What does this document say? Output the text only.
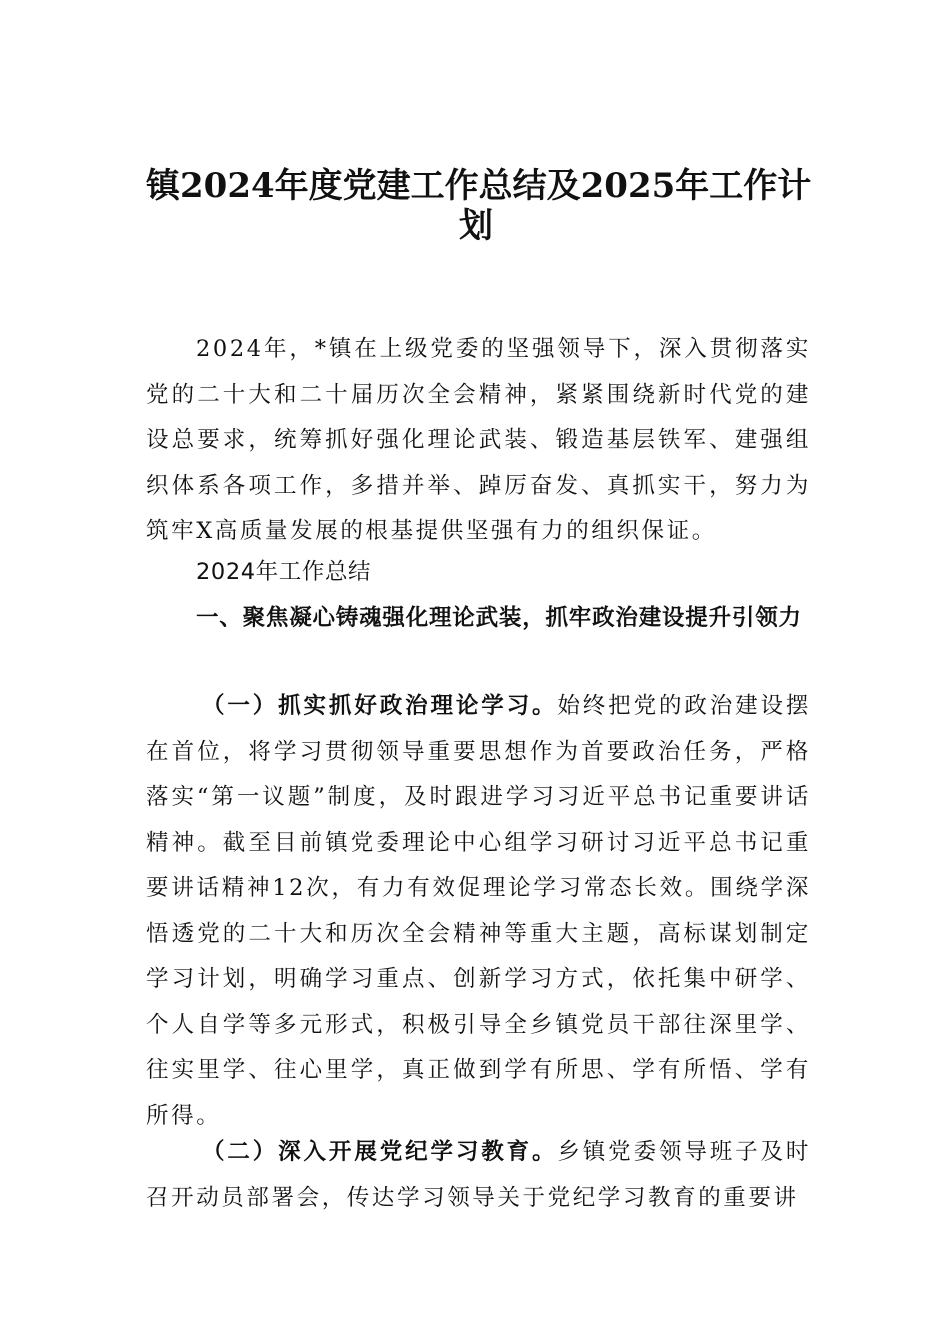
镇2024年度党建工作总结及2025年工作计
划

2024年，*镇在上级党委的坚强领导下，深入贯彻落实党的二十大和二十届历次全会精神，紧紧围绕新时代党的建设总要求，统筹抓好强化理论武装、锻造基层铁军、建强组织体系各项工作，多措并举、踔厉奋发、真抓实干，努力为筑牢X高质量发展的根基提供坚强有力的组织保证。

2024年工作总结

一、聚焦凝心铸魂强化理论武装，抓牢政治建设提升引领力

（一）抓实抓好政治理论学习。始终把党的政治建设摆在首位，将学习贯彻领导重要思想作为首要政治任务，严格落实“第一议题”制度，及时跟进学习习近平总书记重要讲话精神。截至目前镇党委理论中心组学习研讨习近平总书记重要讲话精神12次，有力有效促理论学习常态长效。围绕学深悟透党的二十大和历次全会精神等重大主题，高标谋划制定学习计划，明确学习重点、创新学习方式，依托集中研学、个人自学等多元形式，积极引导全乡镇党员干部往深里学、往实里学、往心里学，真正做到学有所思、学有所悟、学有所得。

（二）深入开展党纪学习教育。乡镇党委领导班子及时召开动员部署会，传达学习领导关于党纪学习教育的重要讲
